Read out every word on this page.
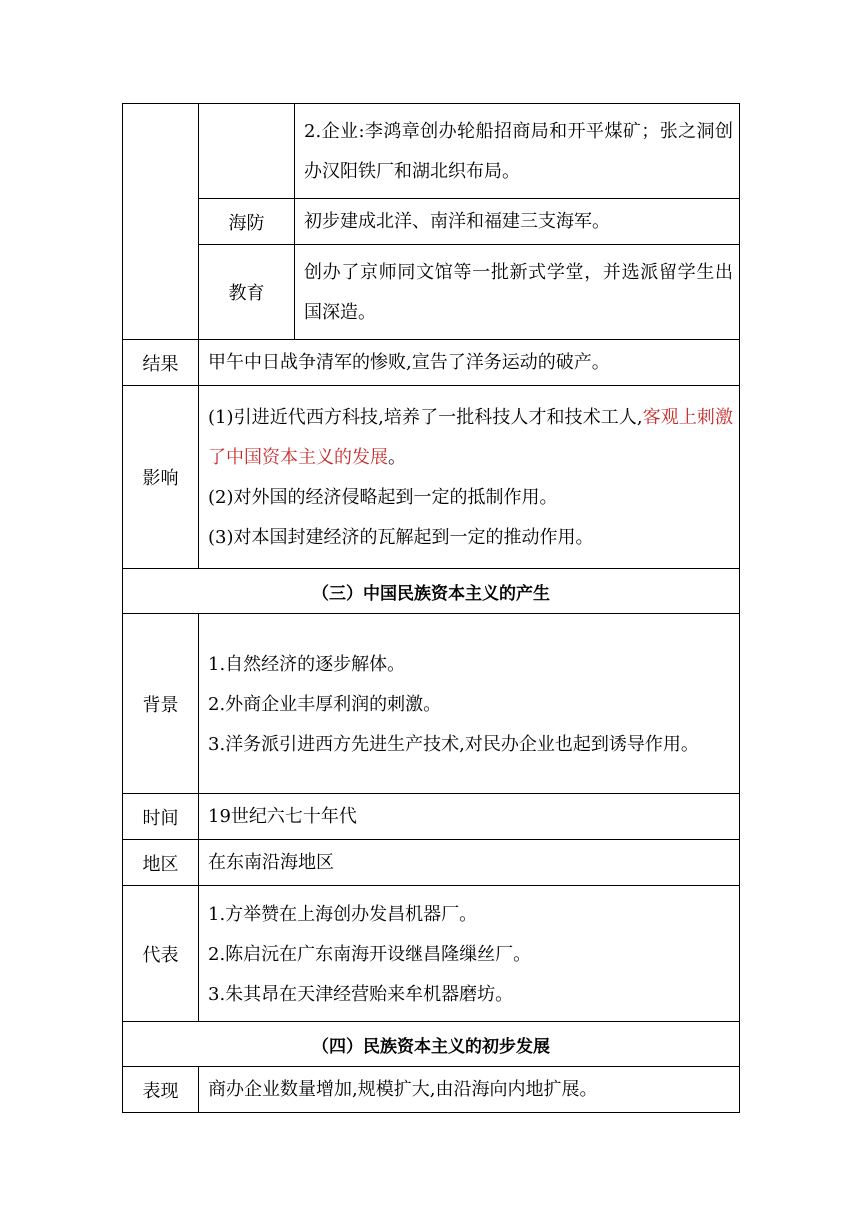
		2.企业:李鸿章创办轮船招商局和开平煤矿；张之洞创办汉阳铁厂和湖北织布局。

	海防	初步建成北洋、南洋和福建三支海军。
	教育	创办了京师同文馆等一批新式学堂，并选派留学生出国深造。

结果	甲午中日战争清军的惨败,宣告了洋务运动的破产。	
影响	(1)引进近代西方科技,培养了一批科技人才和技术工人,客观上刺激了中国资本主义的发展。

(2)对外国的经济侵略起到一定的抵制作用。

(3)对本国封建经济的瓦解起到一定的推动作用。	

（三）中国民族资本主义的产生		
背景	1.自然经济的逐步解体。

2.外商企业丰厚利润的刺激。

3.洋务派引进西方先进生产技术,对民办企业也起到诱导作用。	

时间	19世纪六七十年代	
地区	在东南沿海地区	
代表	1.方举赞在上海创办发昌机器厂。

2.陈启沅在广东南海开设继昌隆缫丝厂。

3.朱其昂在天津经营贻来牟机器磨坊。	

（四）民族资本主义的初步发展		
表现	商办企业数量增加,规模扩大,由沿海向内地扩展。	
